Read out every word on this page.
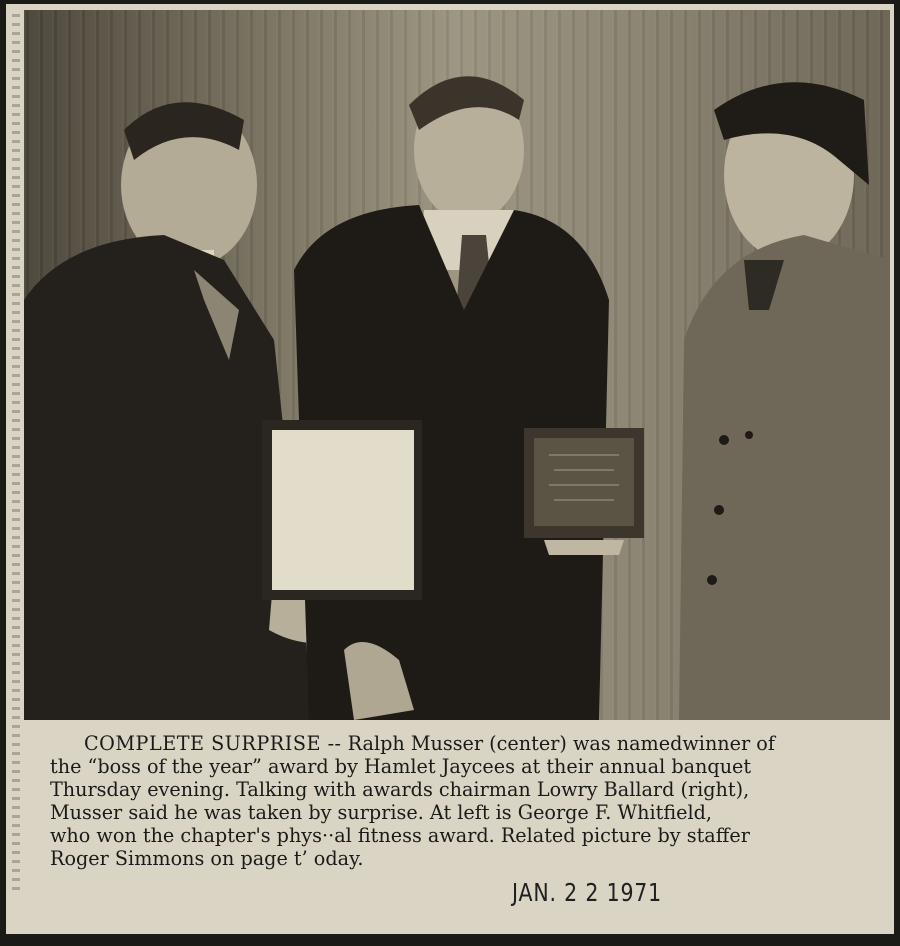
COMPLETE SURPRISE -- Ralph Musser (center) was namedwinner of

the “boss of the year” award by Hamlet Jaycees at their annual banquet

Thursday evening. Talking with awards chairman Lowry Ballard (right),

Musser said he was taken by surprise. At left is George F. Whitfield,

who won the chapter's phys··al fitness award. Related picture by staffer

Roger Simmons on page t’ oday.

JAN. 2 2 1971
